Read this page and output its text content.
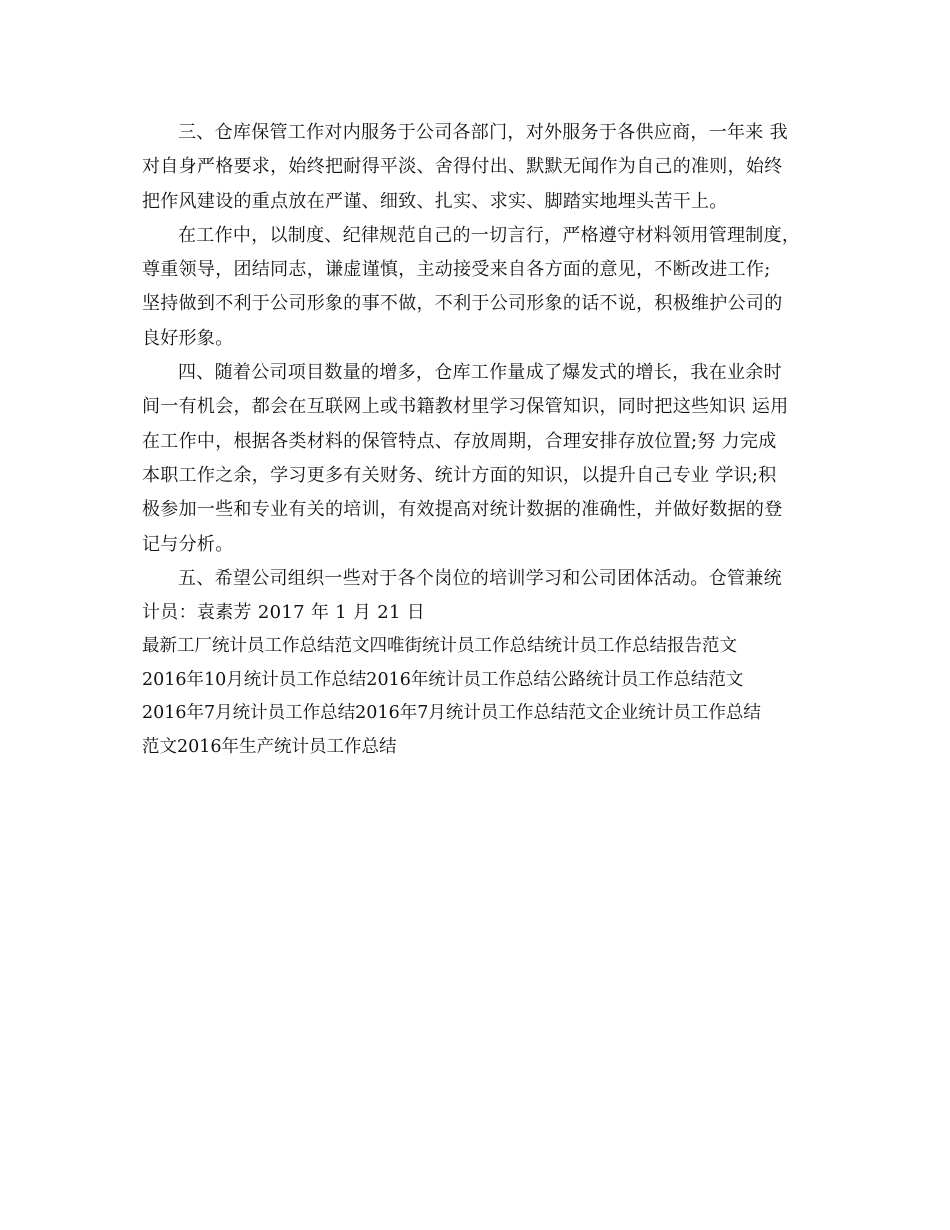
三、仓库保管工作对内服务于公司各部门，对外服务于各供应商，一年来 我
对自身严格要求，始终把耐得平淡、舍得付出、默默无闻作为自己的准则，始终
把作风建设的重点放在严谨、细致、扎实、求实、脚踏实地埋头苦干上。
在工作中，以制度、纪律规范自己的一切言行，严格遵守材料领用管理制度，
尊重领导，团结同志，谦虚谨慎，主动接受来自各方面的意见，不断改进工作;
坚持做到不利于公司形象的事不做，不利于公司形象的话不说，积极维护公司的
良好形象。
四、随着公司项目数量的增多，仓库工作量成了爆发式的增长，我在业余时
间一有机会，都会在互联网上或书籍教材里学习保管知识，同时把这些知识 运用
在工作中，根据各类材料的保管特点、存放周期，合理安排存放位置;努 力完成
本职工作之余，学习更多有关财务、统计方面的知识，以提升自己专业 学识;积
极参加一些和专业有关的培训，有效提高对统计数据的准确性，并做好数据的登
记与分析。
五、希望公司组织一些对于各个岗位的培训学习和公司团体活动。仓管兼统
计员：袁素芳 2017 年 1 月 21 日
最新工厂统计员工作总结范文四唯街统计员工作总结统计员工作总结报告范文
2016年10月统计员工作总结2016年统计员工作总结公路统计员工作总结范文
2016年7月统计员工作总结2016年7月统计员工作总结范文企业统计员工作总结
范文2016年生产统计员工作总结
